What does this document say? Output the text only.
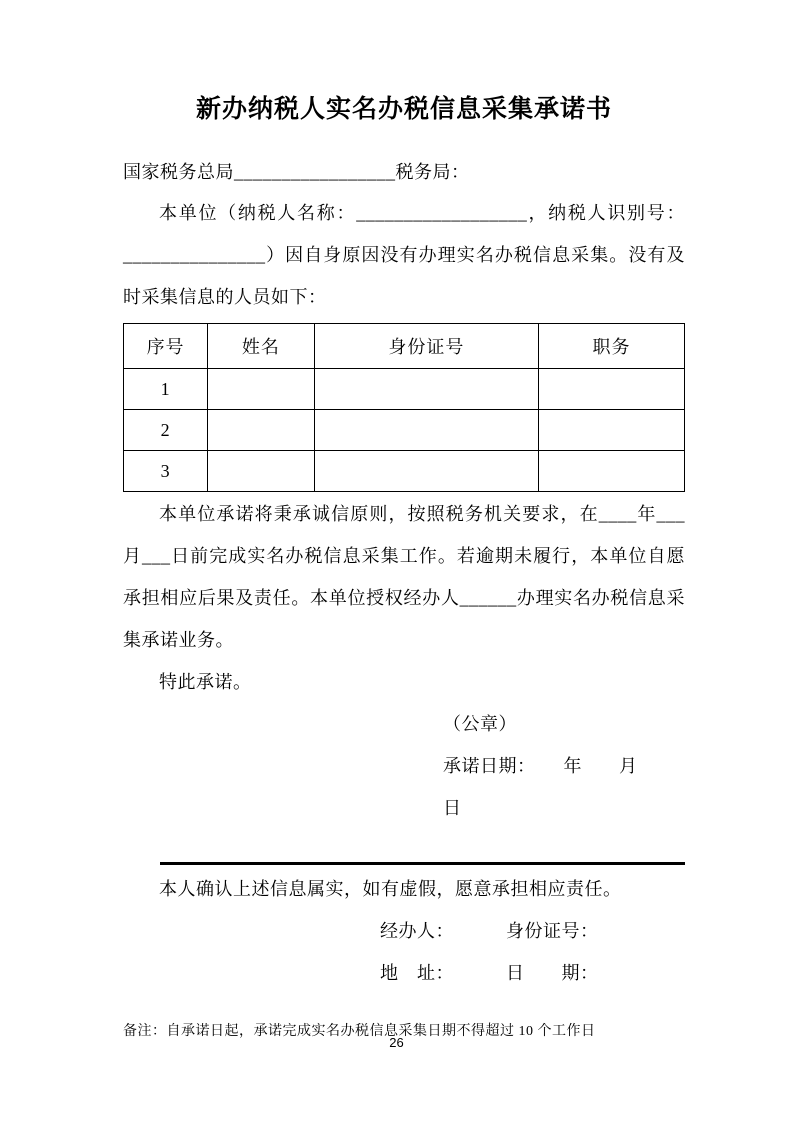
新办纳税人实名办税信息采集承诺书

国家税务总局_________________税务局：

本单位（纳税人名称：__________________，纳税人识别号：_______________）因自身原因没有办理实名办税信息采集。没有及时采集信息的人员如下：

序号	姓名	身份证号	职务
1			
2			
3			

本单位承诺将秉承诚信原则，按照税务机关要求，在____年___月___日前完成实名办税信息采集工作。若逾期未履行，本单位自愿承担相应后果及责任。本单位授权经办人______办理实名办税信息采集承诺业务。

特此承诺。

（公章）

承诺日期：　　年　　月　　日

本人确认上述信息属实，如有虚假，愿意承担相应责任。

经办人：	身份证号：

地　址：	日　　期：

备注：自承诺日起，承诺完成实名办税信息采集日期不得超过 10 个工作日

26
